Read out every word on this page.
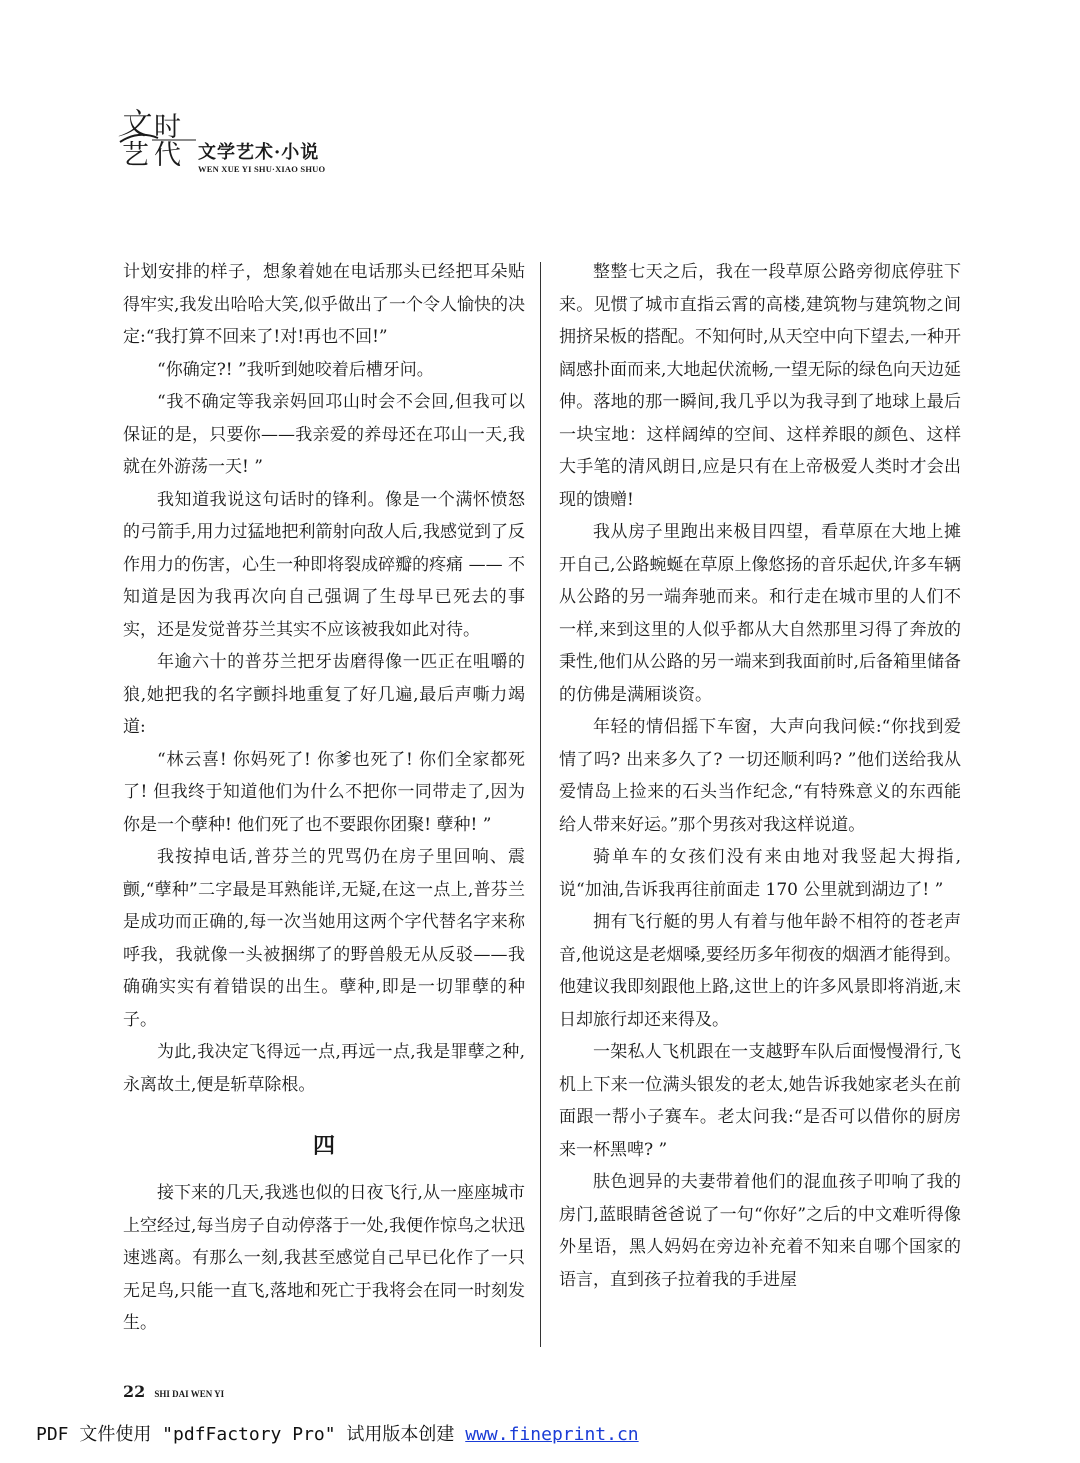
文 时
艺 代 文学艺术·小说
WEN XUE YI SHU·XIAO SHUO

计划安排的样子，想象着她在电话那头已经把耳朵贴得牢实,我发出哈哈大笑,似乎做出了一个令人愉快的决定:“我打算不回来了!对!再也不回!”

“你确定?! ”我听到她咬着后槽牙问。

“我不确定等我亲妈回邛山时会不会回,但我可以保证的是，只要你——我亲爱的养母还在邛山一天,我就在外游荡一天! ”

我知道我说这句话时的锋利。像是一个满怀愤怒的弓箭手,用力过猛地把利箭射向敌人后,我感觉到了反作用力的伤害，心生一种即将裂成碎瓣的疼痛 —— 不知道是因为我再次向自己强调了生母早已死去的事实，还是发觉普芬兰其实不应该被我如此对待。

年逾六十的普芬兰把牙齿磨得像一匹正在咀嚼的狼,她把我的名字颤抖地重复了好几遍,最后声嘶力竭道:

“林云喜! 你妈死了! 你爹也死了! 你们全家都死了! 但我终于知道他们为什么不把你一同带走了,因为你是一个孽种! 他们死了也不要跟你团聚! 孽种! ”

我按掉电话,普芬兰的咒骂仍在房子里回响、震颤,“孽种”二字最是耳熟能详,无疑,在这一点上,普芬兰是成功而正确的,每一次当她用这两个字代替名字来称呼我，我就像一头被捆绑了的野兽般无从反驳——我确确实实有着错误的出生。孽种,即是一切罪孽的种子。

为此,我决定飞得远一点,再远一点,我是罪孽之种,永离故土,便是斩草除根。

四

接下来的几天,我逃也似的日夜飞行,从一座座城市上空经过,每当房子自动停落于一处,我便作惊鸟之状迅速逃离。有那么一刻,我甚至感觉自己早已化作了一只无足鸟,只能一直飞,落地和死亡于我将会在同一时刻发生。

整整七天之后，我在一段草原公路旁彻底停驻下来。见惯了城市直指云霄的高楼,建筑物与建筑物之间拥挤呆板的搭配。不知何时,从天空中向下望去,一种开阔感扑面而来,大地起伏流畅,一望无际的绿色向天边延伸。落地的那一瞬间,我几乎以为我寻到了地球上最后一块宝地：这样阔绰的空间、这样养眼的颜色、这样大手笔的清风朗日,应是只有在上帝极爱人类时才会出现的馈赠!

我从房子里跑出来极目四望，看草原在大地上摊开自己,公路蜿蜒在草原上像悠扬的音乐起伏,许多车辆从公路的另一端奔驰而来。和行走在城市里的人们不一样,来到这里的人似乎都从大自然那里习得了奔放的秉性,他们从公路的另一端来到我面前时,后备箱里储备的仿佛是满厢谈资。

年轻的情侣摇下车窗，大声向我问候:“你找到爱情了吗? 出来多久了? 一切还顺利吗? ”他们送给我从爱情岛上捡来的石头当作纪念,“有特殊意义的东西能给人带来好运。”那个男孩对我这样说道。

骑单车的女孩们没有来由地对我竖起大拇指,说“加油,告诉我再往前面走 170 公里就到湖边了! ”

拥有飞行艇的男人有着与他年龄不相符的苍老声音,他说这是老烟嗓,要经历多年彻夜的烟酒才能得到。他建议我即刻跟他上路,这世上的许多风景即将消逝,末日却旅行却还来得及。

一架私人飞机跟在一支越野车队后面慢慢滑行,飞机上下来一位满头银发的老太,她告诉我她家老头在前面跟一帮小子赛车。老太问我:“是否可以借你的厨房来一杯黑啤? ”

肤色迥异的夫妻带着他们的混血孩子叩响了我的房门,蓝眼睛爸爸说了一句“你好”之后的中文难听得像外星语，黑人妈妈在旁边补充着不知来自哪个国家的语言，直到孩子拉着我的手进屋

22 SHI DAI WEN YI
PDF 文件使用 "pdfFactory Pro" 试用版本创建 www.fineprint.cn
